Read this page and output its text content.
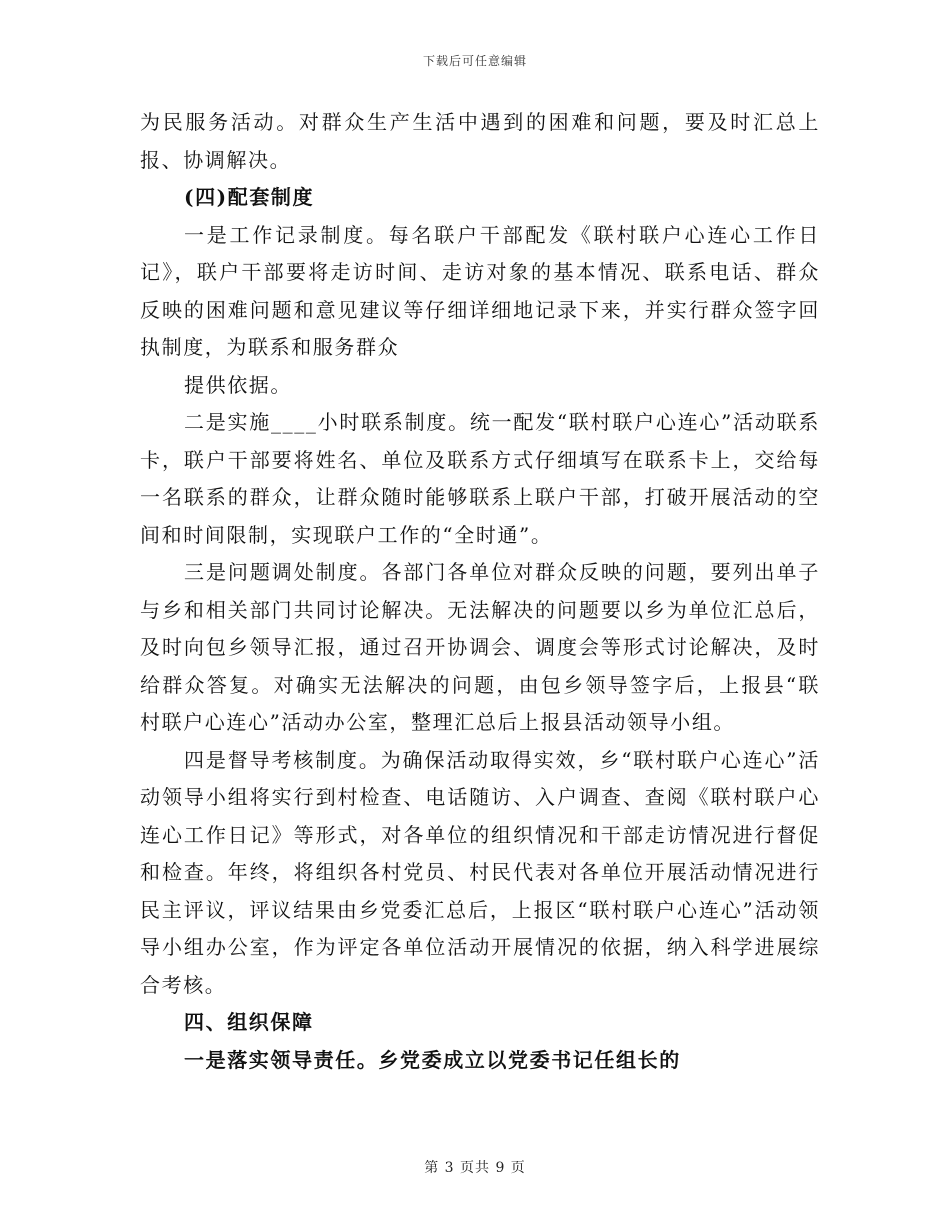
下载后可任意编辑

为民服务活动。对群众生产生活中遇到的困难和问题，要及时汇总上报、协调解决。

(四)配套制度

一是工作记录制度。每名联户干部配发《联村联户心连心工作日记》，联户干部要将走访时间、走访对象的基本情况、联系电话、群众反映的困难问题和意见建议等仔细详细地记录下来，并实行群众签字回执制度，为联系和服务群众

提供依据。

二是实施____小时联系制度。统一配发“联村联户心连心”活动联系卡，联户干部要将姓名、单位及联系方式仔细填写在联系卡上，交给每一名联系的群众，让群众随时能够联系上联户干部，打破开展活动的空间和时间限制，实现联户工作的“全时通”。

三是问题调处制度。各部门各单位对群众反映的问题，要列出单子与乡和相关部门共同讨论解决。无法解决的问题要以乡为单位汇总后，及时向包乡领导汇报，通过召开协调会、调度会等形式讨论解决，及时给群众答复。对确实无法解决的问题，由包乡领导签字后，上报县“联村联户心连心”活动办公室，整理汇总后上报县活动领导小组。

四是督导考核制度。为确保活动取得实效，乡“联村联户心连心”活动领导小组将实行到村检查、电话随访、入户调查、查阅《联村联户心连心工作日记》等形式，对各单位的组织情况和干部走访情况进行督促和检查。年终，将组织各村党员、村民代表对各单位开展活动情况进行民主评议，评议结果由乡党委汇总后，上报区“联村联户心连心”活动领导小组办公室，作为评定各单位活动开展情况的依据，纳入科学进展综合考核。

四、组织保障

一是落实领导责任。乡党委成立以党委书记任组长的

第 3 页共 9 页
